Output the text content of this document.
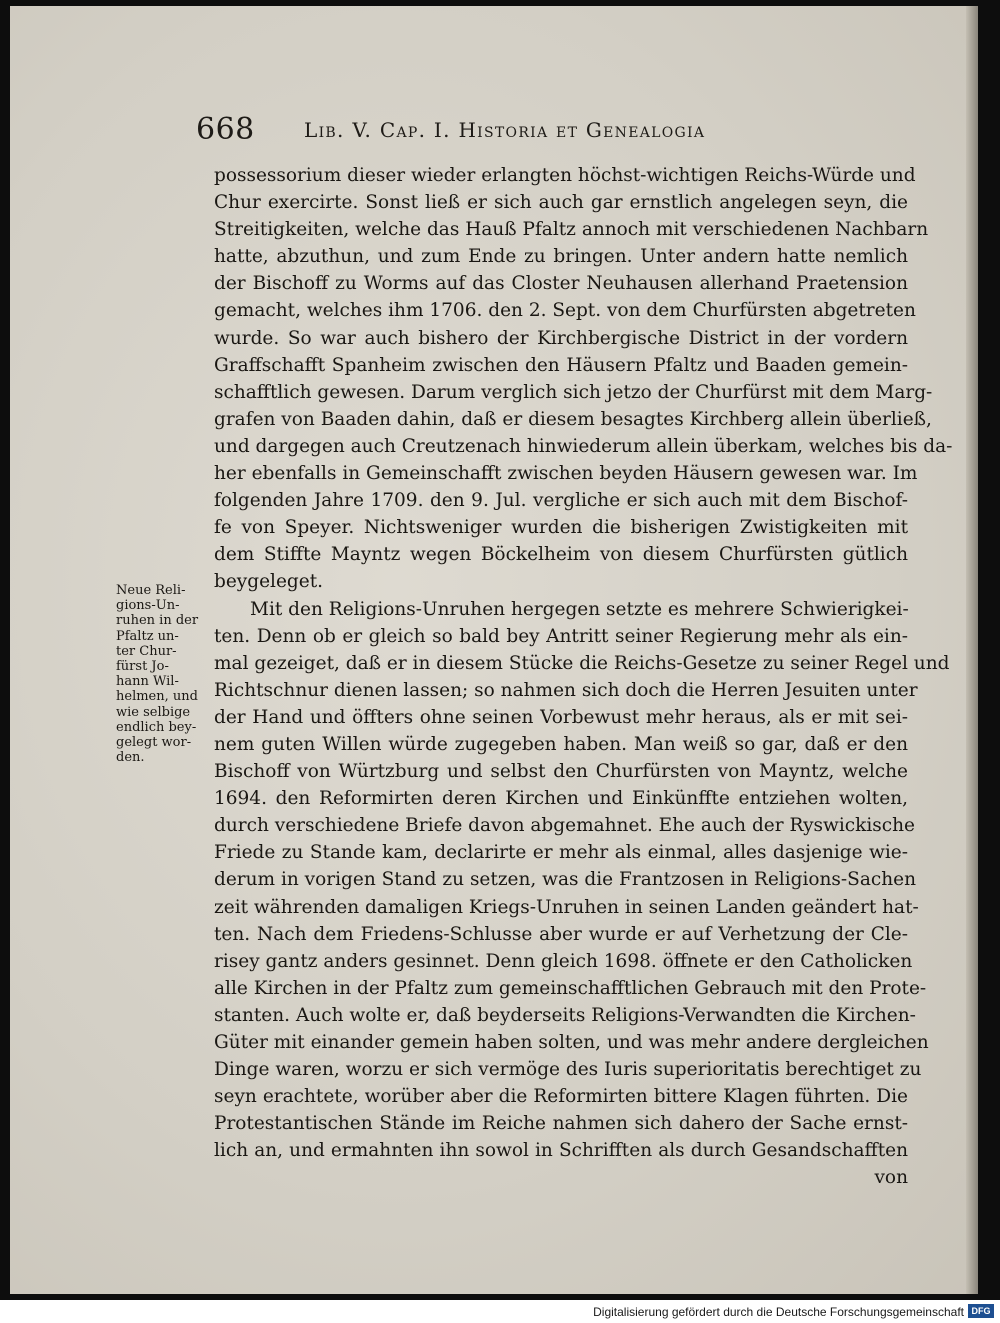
668 Lib. V. Cap. I. Historia et Genealogia
possessorium dieser wieder erlangten höchst-wichtigen Reichs-Würde und
Chur exercirte. Sonst ließ er sich auch gar ernstlich angelegen seyn, die
Streitigkeiten, welche das Hauß Pfaltz annoch mit verschiedenen Nachbarn
hatte, abzuthun, und zum Ende zu bringen. Unter andern hatte nemlich
der Bischoff zu Worms auf das Closter Neuhausen allerhand Praetension
gemacht, welches ihm 1706. den 2. Sept. von dem Churfürsten abgetreten
wurde. So war auch bishero der Kirchbergische District in der vordern
Graffschafft Spanheim zwischen den Häusern Pfaltz und Baaden gemein-
schafftlich gewesen. Darum verglich sich jetzo der Churfürst mit dem Marg-
grafen von Baaden dahin, daß er diesem besagtes Kirchberg allein überließ,
und dargegen auch Creutzenach hinwiederum allein überkam, welches bis da-
her ebenfalls in Gemeinschafft zwischen beyden Häusern gewesen war. Im
folgenden Jahre 1709. den 9. Jul. vergliche er sich auch mit dem Bischof-
fe von Speyer. Nichtsweniger wurden die bisherigen Zwistigkeiten mit
dem Stiffte Mayntz wegen Böckelheim von diesem Churfürsten gütlich
beygeleget.
Mit den Religions-Unruhen hergegen setzte es mehrere Schwierigkei-
ten. Denn ob er gleich so bald bey Antritt seiner Regierung mehr als ein-
mal gezeiget, daß er in diesem Stücke die Reichs-Gesetze zu seiner Regel und
Richtschnur dienen lassen; so nahmen sich doch die Herren Jesuiten unter
der Hand und öffters ohne seinen Vorbewust mehr heraus, als er mit sei-
nem guten Willen würde zugegeben haben. Man weiß so gar, daß er den
Bischoff von Würtzburg und selbst den Churfürsten von Mayntz, welche
1694. den Reformirten deren Kirchen und Einkünffte entziehen wolten,
durch verschiedene Briefe davon abgemahnet. Ehe auch der Ryswickische
Friede zu Stande kam, declarirte er mehr als einmal, alles dasjenige wie-
derum in vorigen Stand zu setzen, was die Frantzosen in Religions-Sachen
zeit währenden damaligen Kriegs-Unruhen in seinen Landen geändert hat-
ten. Nach dem Friedens-Schlusse aber wurde er auf Verhetzung der Cle-
risey gantz anders gesinnet. Denn gleich 1698. öffnete er den Catholicken
alle Kirchen in der Pfaltz zum gemeinschafftlichen Gebrauch mit den Prote-
stanten. Auch wolte er, daß beyderseits Religions-Verwandten die Kirchen-
Güter mit einander gemein haben solten, und was mehr andere dergleichen
Dinge waren, worzu er sich vermöge des Iuris superioritatis berechtiget zu
seyn erachtete, worüber aber die Reformirten bittere Klagen führten. Die
Protestantischen Stände im Reiche nahmen sich dahero der Sache ernst-
lich an, und ermahnten ihn sowol in Schrifften als durch Gesandschafften
von
Neue Reli-
gions-Un-
ruhen in der
Pfaltz un-
ter Chur-
fürst Jo-
hann Wil-
helmen, und
wie selbige
endlich bey-
gelegt wor-
den.
Digitalisierung gefördert durch die Deutsche Forschungsgemeinschaft DFG
